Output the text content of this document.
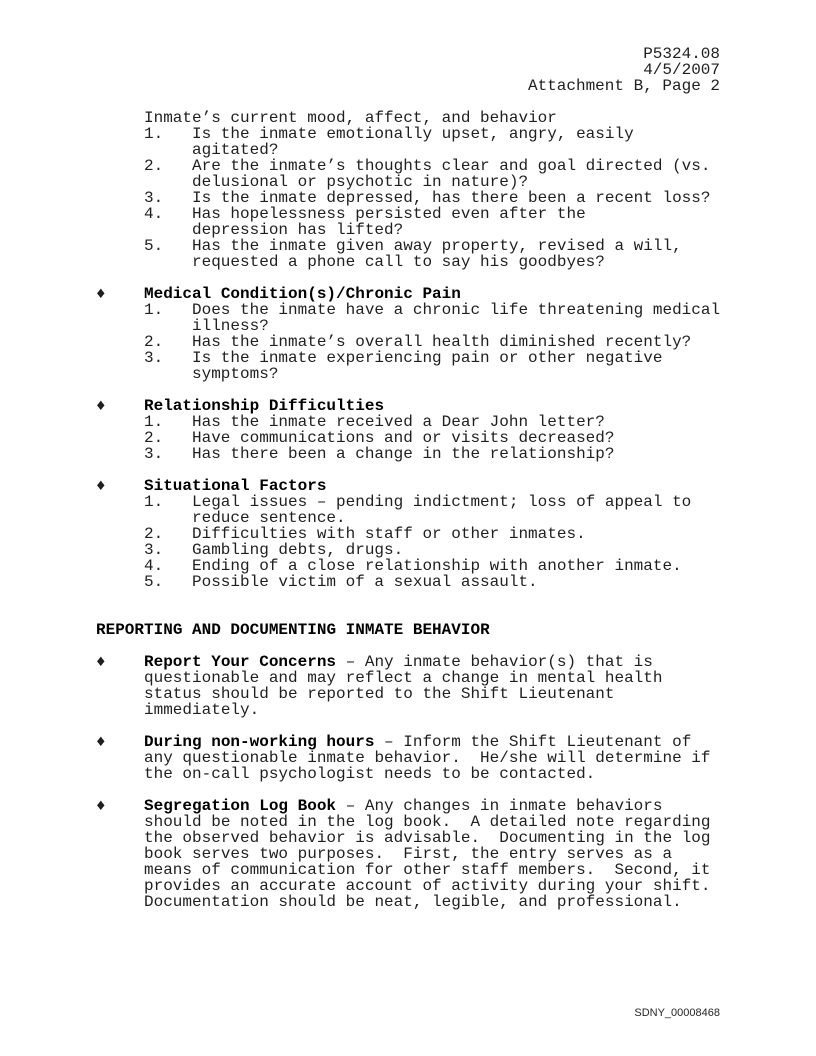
P5324.08
4/5/2007
Attachment B, Page 2
Inmate’s current mood, affect, and behavior
1.	Is the inmate emotionally upset, angry, easily
agitated?
2.	Are the inmate’s thoughts clear and goal directed (vs.
delusional or psychotic in nature)?
3.	Is the inmate depressed, has there been a recent loss?
4.	Has hopelessness persisted even after the
depression has lifted?
5.	Has the inmate given away property, revised a will,
requested a phone call to say his goodbyes?
♦	Medical Condition(s)/Chronic Pain
1.	Does the inmate have a chronic life threatening medical
illness?
2.	Has the inmate’s overall health diminished recently?
3.	Is the inmate experiencing pain or other negative
symptoms?
♦	Relationship Difficulties
1.	Has the inmate received a Dear John letter?
2.	Have communications and or visits decreased?
3.	Has there been a change in the relationship?
♦	Situational Factors
1.	Legal issues – pending indictment; loss of appeal to
reduce sentence.
2.	Difficulties with staff or other inmates.
3.	Gambling debts, drugs.
4.	Ending of a close relationship with another inmate.
5.	Possible victim of a sexual assault.
REPORTING AND DOCUMENTING INMATE BEHAVIOR
♦	Report Your Concerns – Any inmate behavior(s) that is
questionable and may reflect a change in mental health
status should be reported to the Shift Lieutenant
immediately.
♦	During non-working hours – Inform the Shift Lieutenant of
any questionable inmate behavior.  He/she will determine if
the on-call psychologist needs to be contacted.
♦	Segregation Log Book – Any changes in inmate behaviors
should be noted in the log book.  A detailed note regarding
the observed behavior is advisable.  Documenting in the log
book serves two purposes.  First, the entry serves as a
means of communication for other staff members.  Second, it
provides an accurate account of activity during your shift.
Documentation should be neat, legible, and professional.
SDNY_00008468
